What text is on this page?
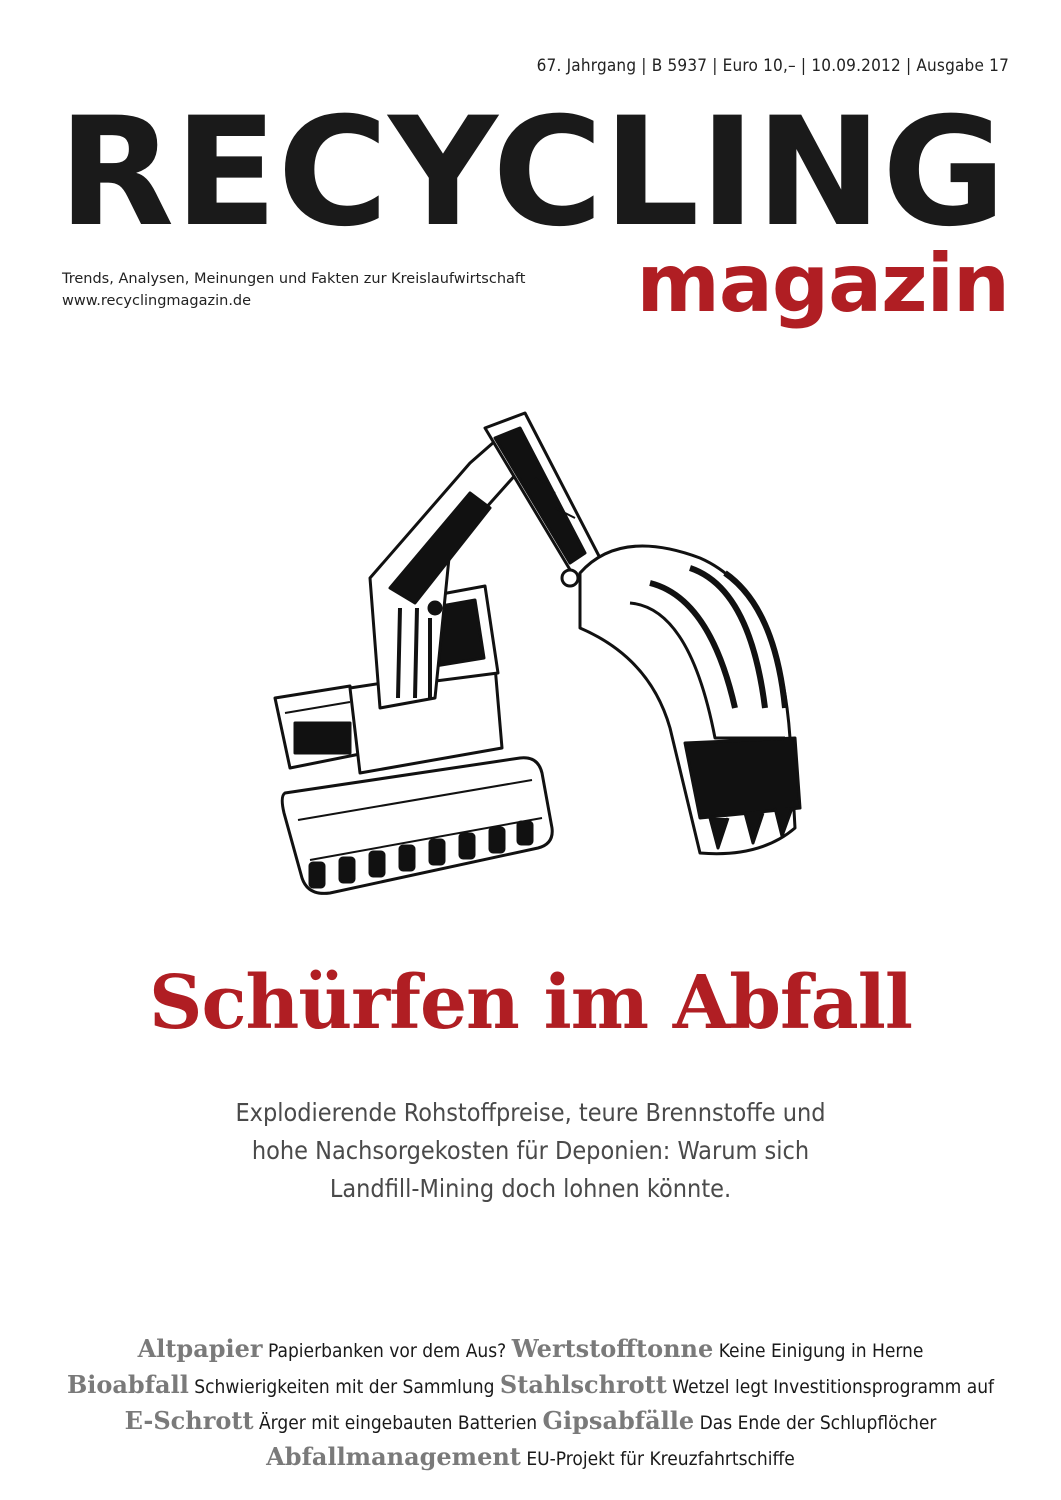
67. Jahrgang | B 5937 | Euro 10,– | 10.09.2012 | Ausgabe 17
RECYCLING
Trends, Analysen, Meinungen und Fakten zur Kreislaufwirtschaft
www.recyclingmagazin.de	magazin
Schürfen im Abfall
Explodierende Rohstoffpreise, teure Brennstoffe und
hohe Nachsorgekosten für Deponien: Warum sich
Landfill-Mining doch lohnen könnte.
Altpapier Papierbanken vor dem Aus? Wertstofftonne Keine Einigung in Herne
Bioabfall Schwierigkeiten mit der Sammlung Stahlschrott Wetzel legt Investitionsprogramm auf E-Schrott Ärger mit eingebauten Batterien Gipsabfälle Das Ende der Schlupflöcher Abfallmanagement EU-Projekt für Kreuzfahrtschiffe
